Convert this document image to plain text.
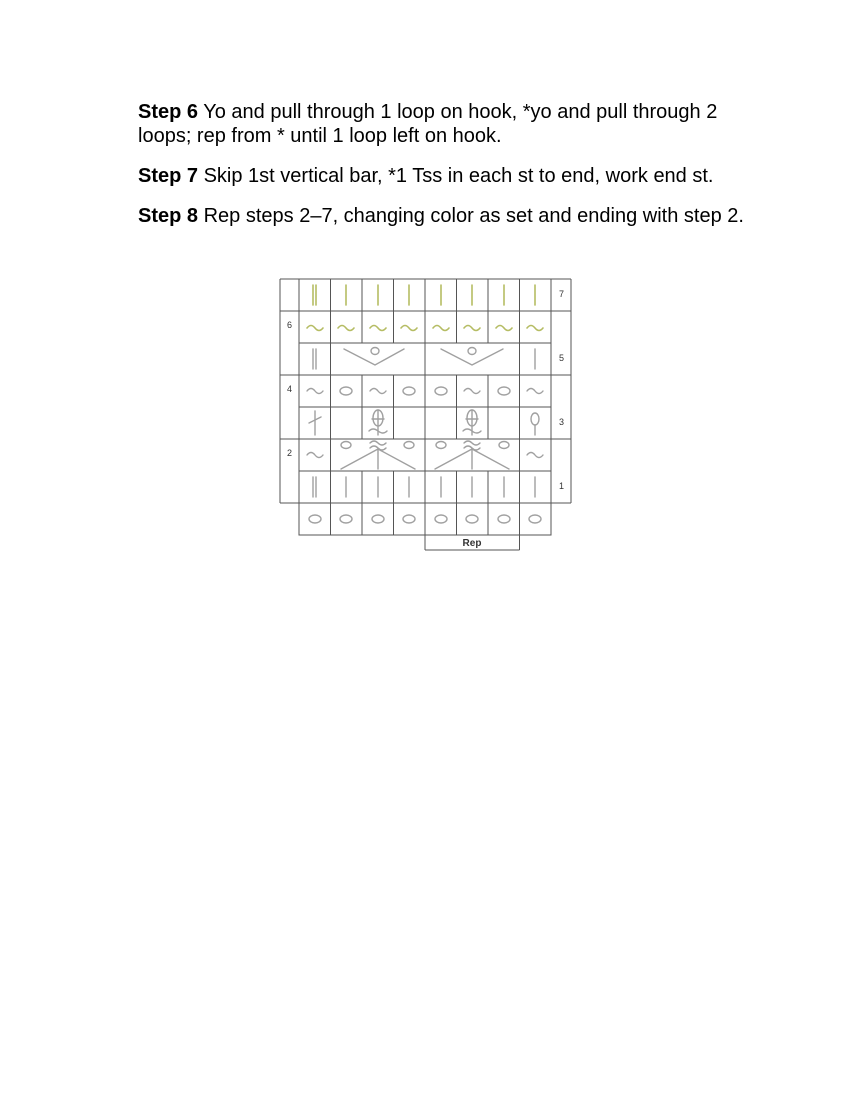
Step 6 Yo and pull through 1 loop on hook, *yo and pull through 2 loops; rep from * until 1 loop left on hook.

Step 7 Skip 1st vertical bar, *1 Tss in each st to end, work end st.

Step 8 Rep steps 2–7, changing color as set and ending with step 2.

6
4
2
7
5
3
1
Rep
